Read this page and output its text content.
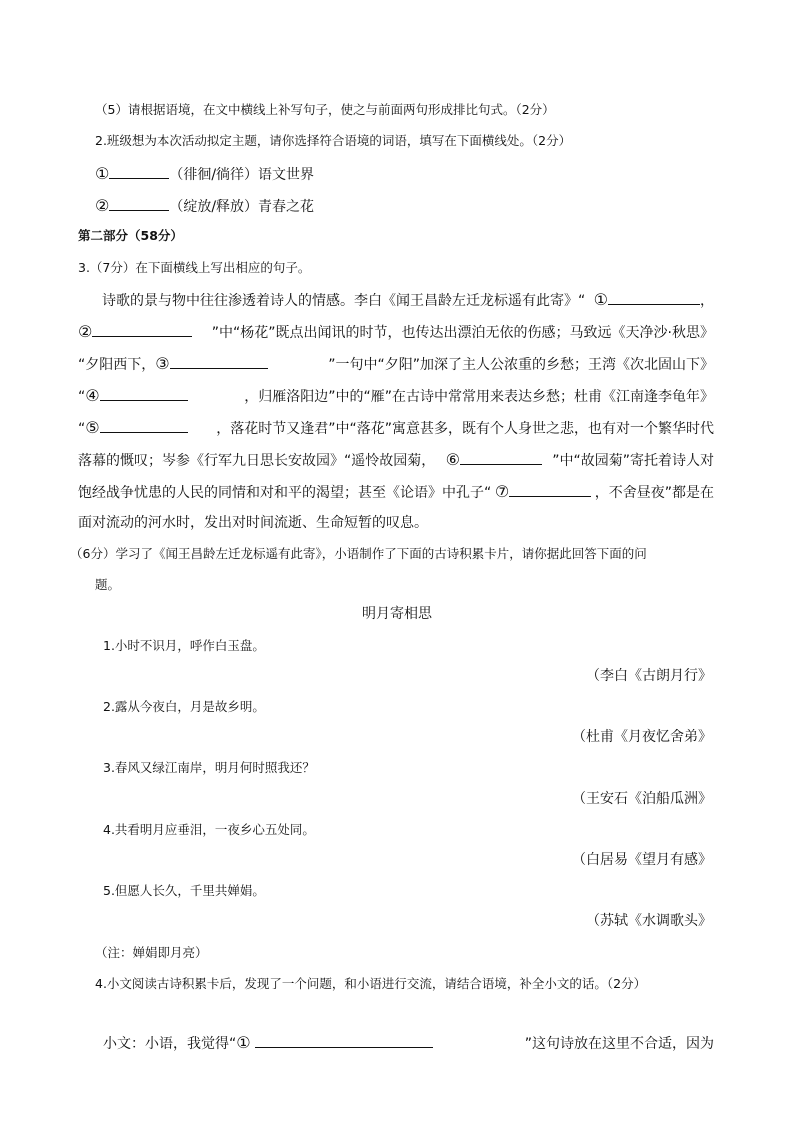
（5）请根据语境，在文中横线上补写句子，使之与前面两句形成排比句式。（2分）
2.班级想为本次活动拟定主题，请你选择符合语境的词语，填写在下面横线处。（2分）
①	（徘徊/徜徉）语文世界
②	（绽放/释放）青春之花
第二部分（58分）
3.（7分）在下面横线上写出相应的句子。
诗歌的景与物中往往渗透着诗人的情感。李白《闻王昌龄左迁龙标遥有此寄》“ ①	，
②	”中“杨花”既点出闻讯的时节，也传达出漂泊无依的伤感；马致远《天净沙·秋思》
“夕阳西下，③	”一句中“夕阳”加深了主人公浓重的乡愁；王湾《次北固山下》
“④	，归雁洛阳边”中的“雁”在古诗中常常用来表达乡愁；杜甫《江南逢李龟年》
“⑤	，落花时节又逢君”中“落花”寓意甚多，既有个人身世之悲，也有对一个繁华时代
落幕的慨叹；岑参《行军九日思长安故园》“遥怜故园菊， ⑥	”中“故园菊”寄托着诗人对
饱经战争忧患的人民的同情和对和平的渴望；甚至《论语》中孔子“ ⑦	，不舍昼夜”都是在
面对流动的河水时，发出对时间流逝、生命短暂的叹息。
（6分）学习了《闻王昌龄左迁龙标遥有此寄》，小语制作了下面的古诗积累卡片，请你据此回答下面的问
题。
明月寄相思
1.小时不识月，呼作白玉盘。
（李白《古朗月行》
2.露从今夜白，月是故乡明。
（杜甫《月夜忆舍弟》
3.春风又绿江南岸，明月何时照我还？
（王安石《泊船瓜洲》
4.共看明月应垂泪，一夜乡心五处同。
（白居易《望月有感》
5.但愿人长久，千里共婵娟。
（苏轼《水调歌头》
（注：婵娟即月亮）
4.小文阅读古诗积累卡后，发现了一个问题，和小语进行交流，请结合语境，补全小文的话。（2分）
小文：小语，我觉得“①	”这句诗放在这里不合适，因为
